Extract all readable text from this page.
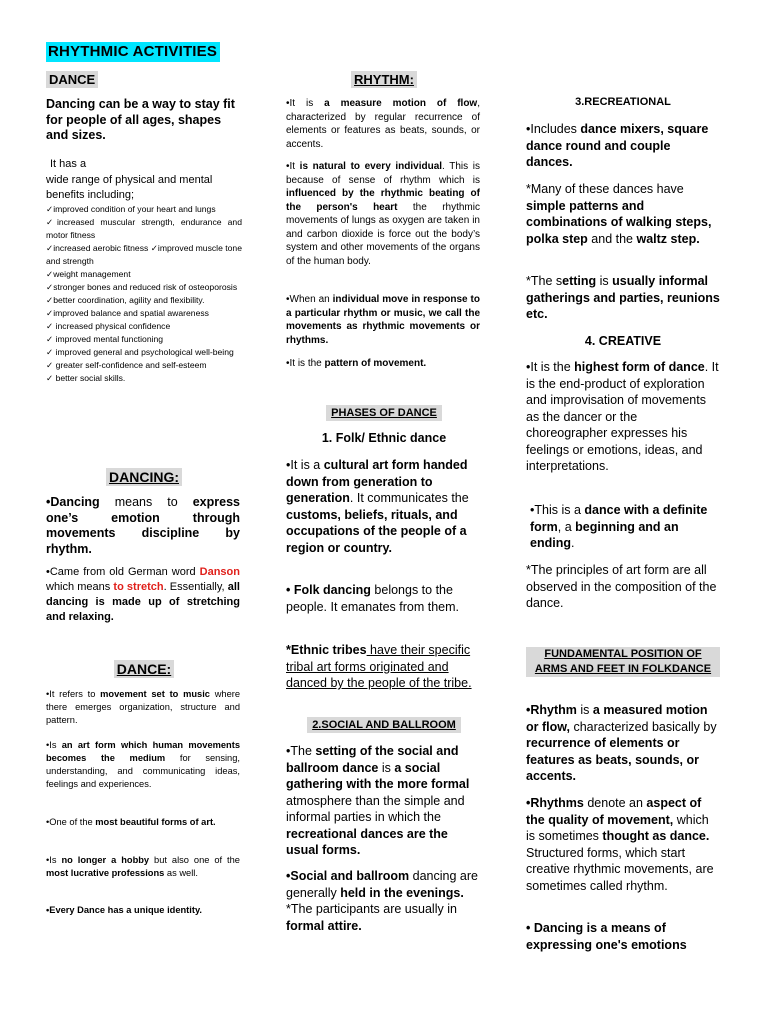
RHYTHMIC ACTIVITIES
DANCE

Dancing can be a way to stay fit for people of all ages, shapes and sizes.

It has a

wide range of physical and mental benefits including;

✓improved condition of your heart and lungs

✓increased muscular strength, endurance and motor fitness

✓increased aerobic fitness ✓improved muscle tone and strength

✓weight management

✓stronger bones and reduced risk of osteoporosis

✓better coordination, agility and flexibility.

✓improved balance and spatial awareness

✓ increased physical confidence

✓ improved mental functioning

✓ improved general and psychological well-being

✓ greater self-confidence and self-esteem

✓ better social skills.

DANCING:

•Dancing means to express one’s emotion through movements discipline by rhythm.

•Came from old German word Danson which means to stretch. Essentially, all dancing is made up of stretching and relaxing.

DANCE:

•It refers to movement set to music where there emerges organization, structure and pattern.

•Is an art form which human movements becomes the medium for sensing, understanding, and communicating ideas, feelings and experiences.

•One of the most beautiful forms of art.

•Is no longer a hobby but also one of the most lucrative professions as well.

•Every Dance has a unique identity.

RHYTHM:

•It is a measure motion of flow, characterized by regular recurrence of elements or features as beats, sounds, or accents.

•It is natural to every individual. This is because of sense of rhythm which is influenced by the rhythmic beating of the person's heart the rhythmic movements of lungs as oxygen are taken in and carbon dioxide is force out the body’s system and other movements of the organs of the human body.

•When an individual move in response to a particular rhythm or music, we call the movements as rhythmic movements or rhythms.

•It is the pattern of movement.

PHASES OF DANCE

1. Folk/ Ethnic dance

•It is a cultural art form handed down from generation to generation. It communicates the customs, beliefs, rituals, and occupations of the people of a region or country.

• Folk dancing belongs to the people. It emanates from them.

*Ethnic tribes have their specific tribal art forms originated and danced by the people of the tribe.

2.SOCIAL AND BALLROOM

•The setting of the social and ballroom dance is a social gathering with the more formal atmosphere than the simple and informal parties in which the recreational dances are the usual forms.

•Social and ballroom dancing are generally held in the evenings. *The participants are usually in formal attire.

3.RECREATIONAL

•Includes dance mixers, square dance round and couple dances.

*Many of these dances have simple patterns and combinations of walking steps, polka step and the waltz step.

*The setting is usually informal gatherings and parties, reunions etc.

4. CREATIVE

•It is the highest form of dance. It is the end-product of exploration and improvisation of movements as the dancer or the choreographer expresses his feelings or emotions, ideas, and interpretations.

•This is a dance with a definite form, a beginning and an ending.

*The principles of art form are all observed in the composition of the dance.

FUNDAMENTAL POSITION OF ARMS AND FEET IN FOLKDANCE

•Rhythm is a measured motion or flow, characterized basically by recurrence of elements or features as beats, sounds, or accents.

•Rhythms denote an aspect of the quality of movement, which is sometimes thought as dance. Structured forms, which start creative rhythmic movements, are sometimes called rhythm.

• Dancing is a means of expressing one's emotions
